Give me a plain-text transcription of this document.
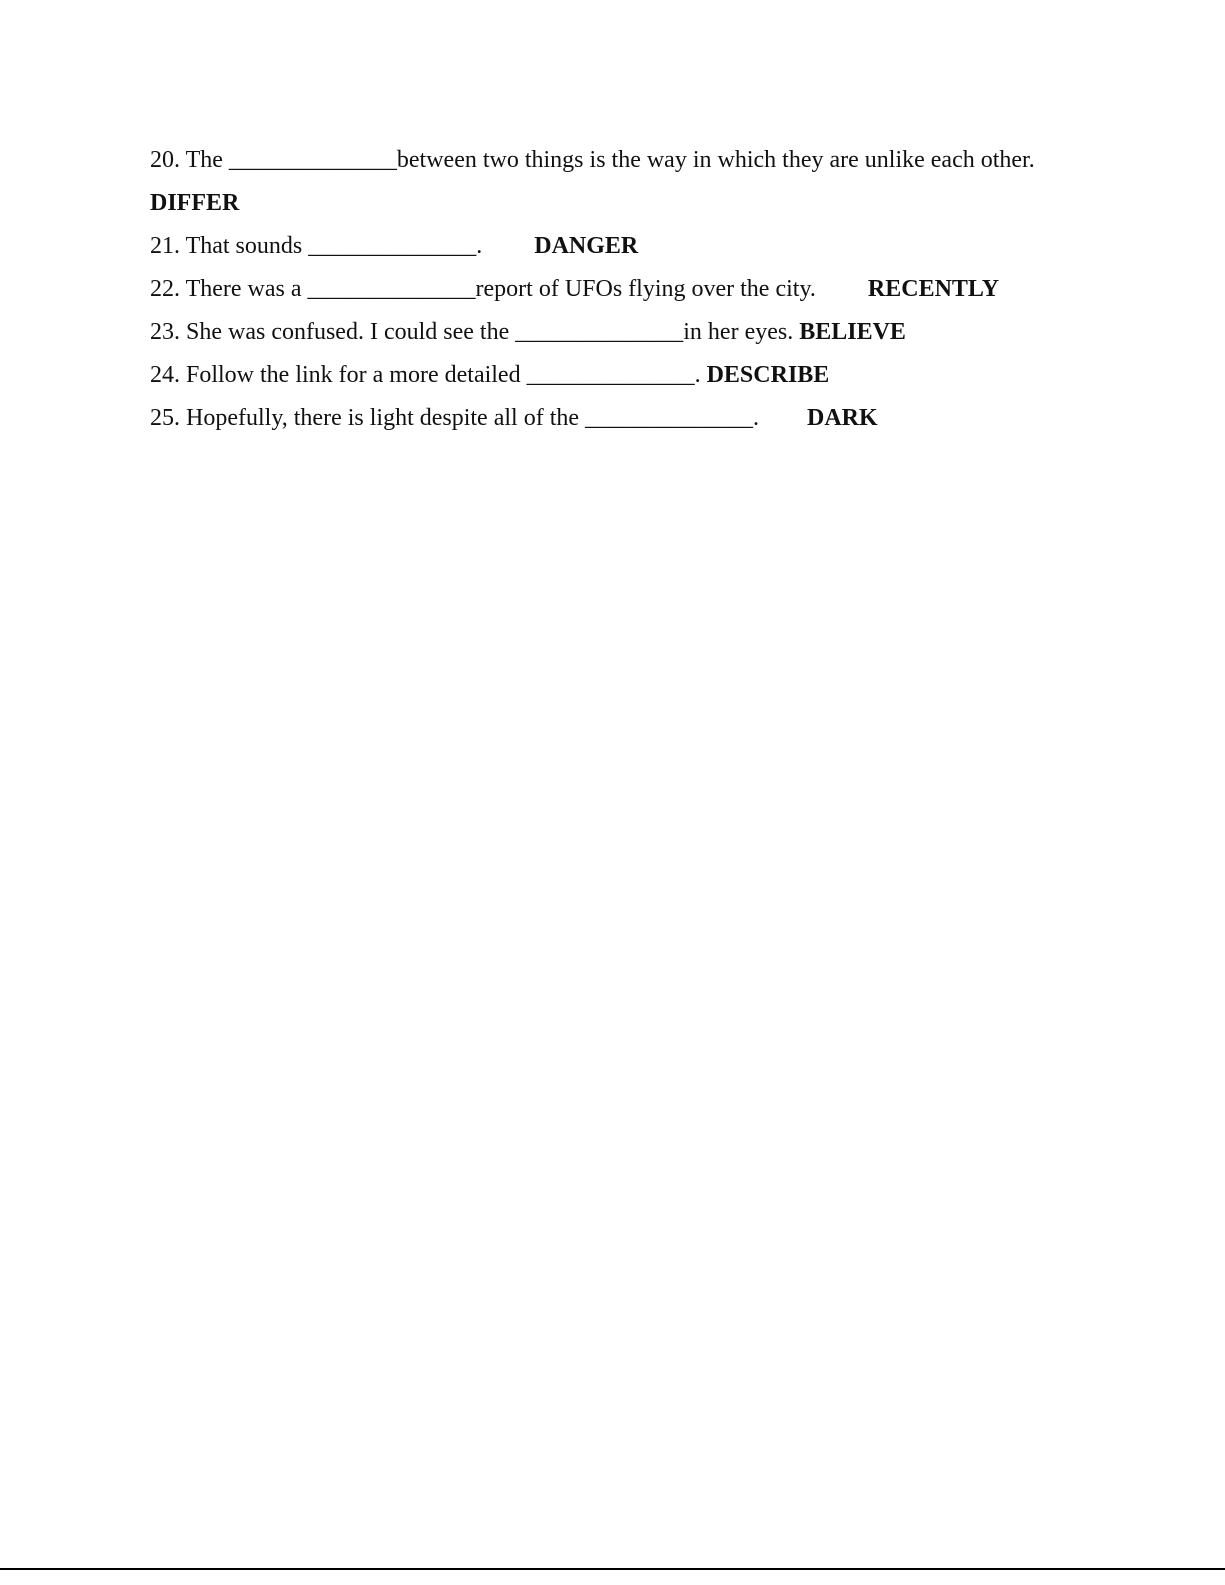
20. The ______________between two things is the way in which they are unlike each other.
DIFFER
21. That sounds ______________. DANGER
22. There was a ______________report of UFOs flying over the city. RECENTLY
23. She was confused. I could see the ______________in her eyes. BELIEVE
24. Follow the link for a more detailed ______________. DESCRIBE
25. Hopefully, there is light despite all of the ______________. DARK
